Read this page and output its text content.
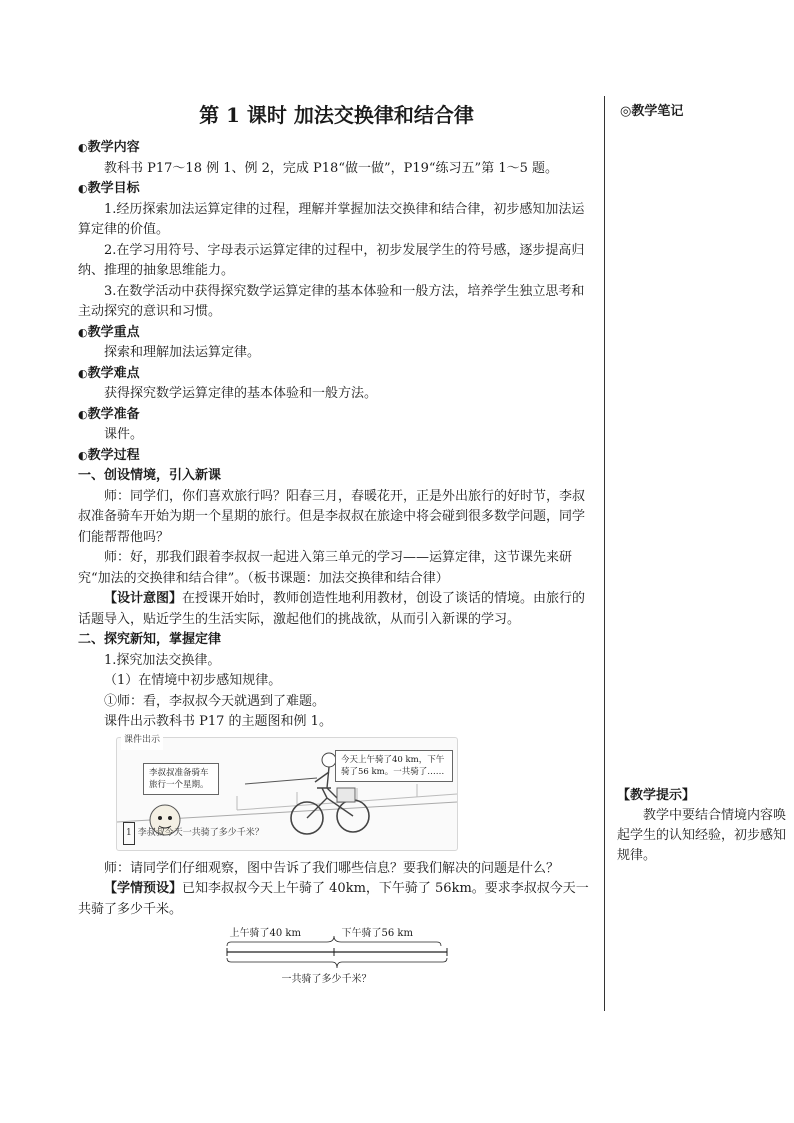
◎教学笔记
【教学提示】
教学中要结合情境内容唤起学生的认知经验，初步感知规律。
第 1 课时 加法交换律和结合律

◐教学内容

教科书 P17～18 例 1、例 2，完成 P18“做一做”，P19“练习五”第 1～5 题。

◐教学目标

1.经历探索加法运算定律的过程，理解并掌握加法交换律和结合律，初步感知加法运算定律的价值。

2.在学习用符号、字母表示运算定律的过程中，初步发展学生的符号感，逐步提高归纳、推理的抽象思维能力。

3.在数学活动中获得探究数学运算定律的基本体验和一般方法，培养学生独立思考和主动探究的意识和习惯。

◐教学重点

探索和理解加法运算定律。

◐教学难点

获得探究数学运算定律的基本体验和一般方法。

◐教学准备

课件。

◐教学过程

一、创设情境，引入新课

师：同学们，你们喜欢旅行吗？阳春三月，春暖花开，正是外出旅行的好时节，李叔叔准备骑车开始为期一个星期的旅行。但是李叔叔在旅途中将会碰到很多数学问题，同学们能帮帮他吗？

师：好，那我们跟着李叔叔一起进入第三单元的学习——运算定律，这节课先来研究“加法的交换律和结合律”。（板书课题：加法交换律和结合律）

【设计意图】在授课开始时，教师创造性地利用教材，创设了谈话的情境。由旅行的话题导入，贴近学生的生活实际，激起他们的挑战欲，从而引入新课的学习。

二、探究新知，掌握定律

1.探究加法交换律。

（1）在情境中初步感知规律。

①师：看，李叔叔今天就遇到了难题。

课件出示教科书 P17 的主题图和例 1。

课件出示
李叔叔准备骑车旅行一个星期。
今天上午骑了40 km，下午骑了56 km。一共骑了……
1 李叔叔今天一共骑了多少千米？

师：请同学们仔细观察，图中告诉了我们哪些信息？要我们解决的问题是什么？

【学情预设】已知李叔叔今天上午骑了 40km，下午骑了 56km。要求李叔叔今天一共骑了多少千米。

上午骑了40 km	下午骑了56 km
一共骑了多少千米？
